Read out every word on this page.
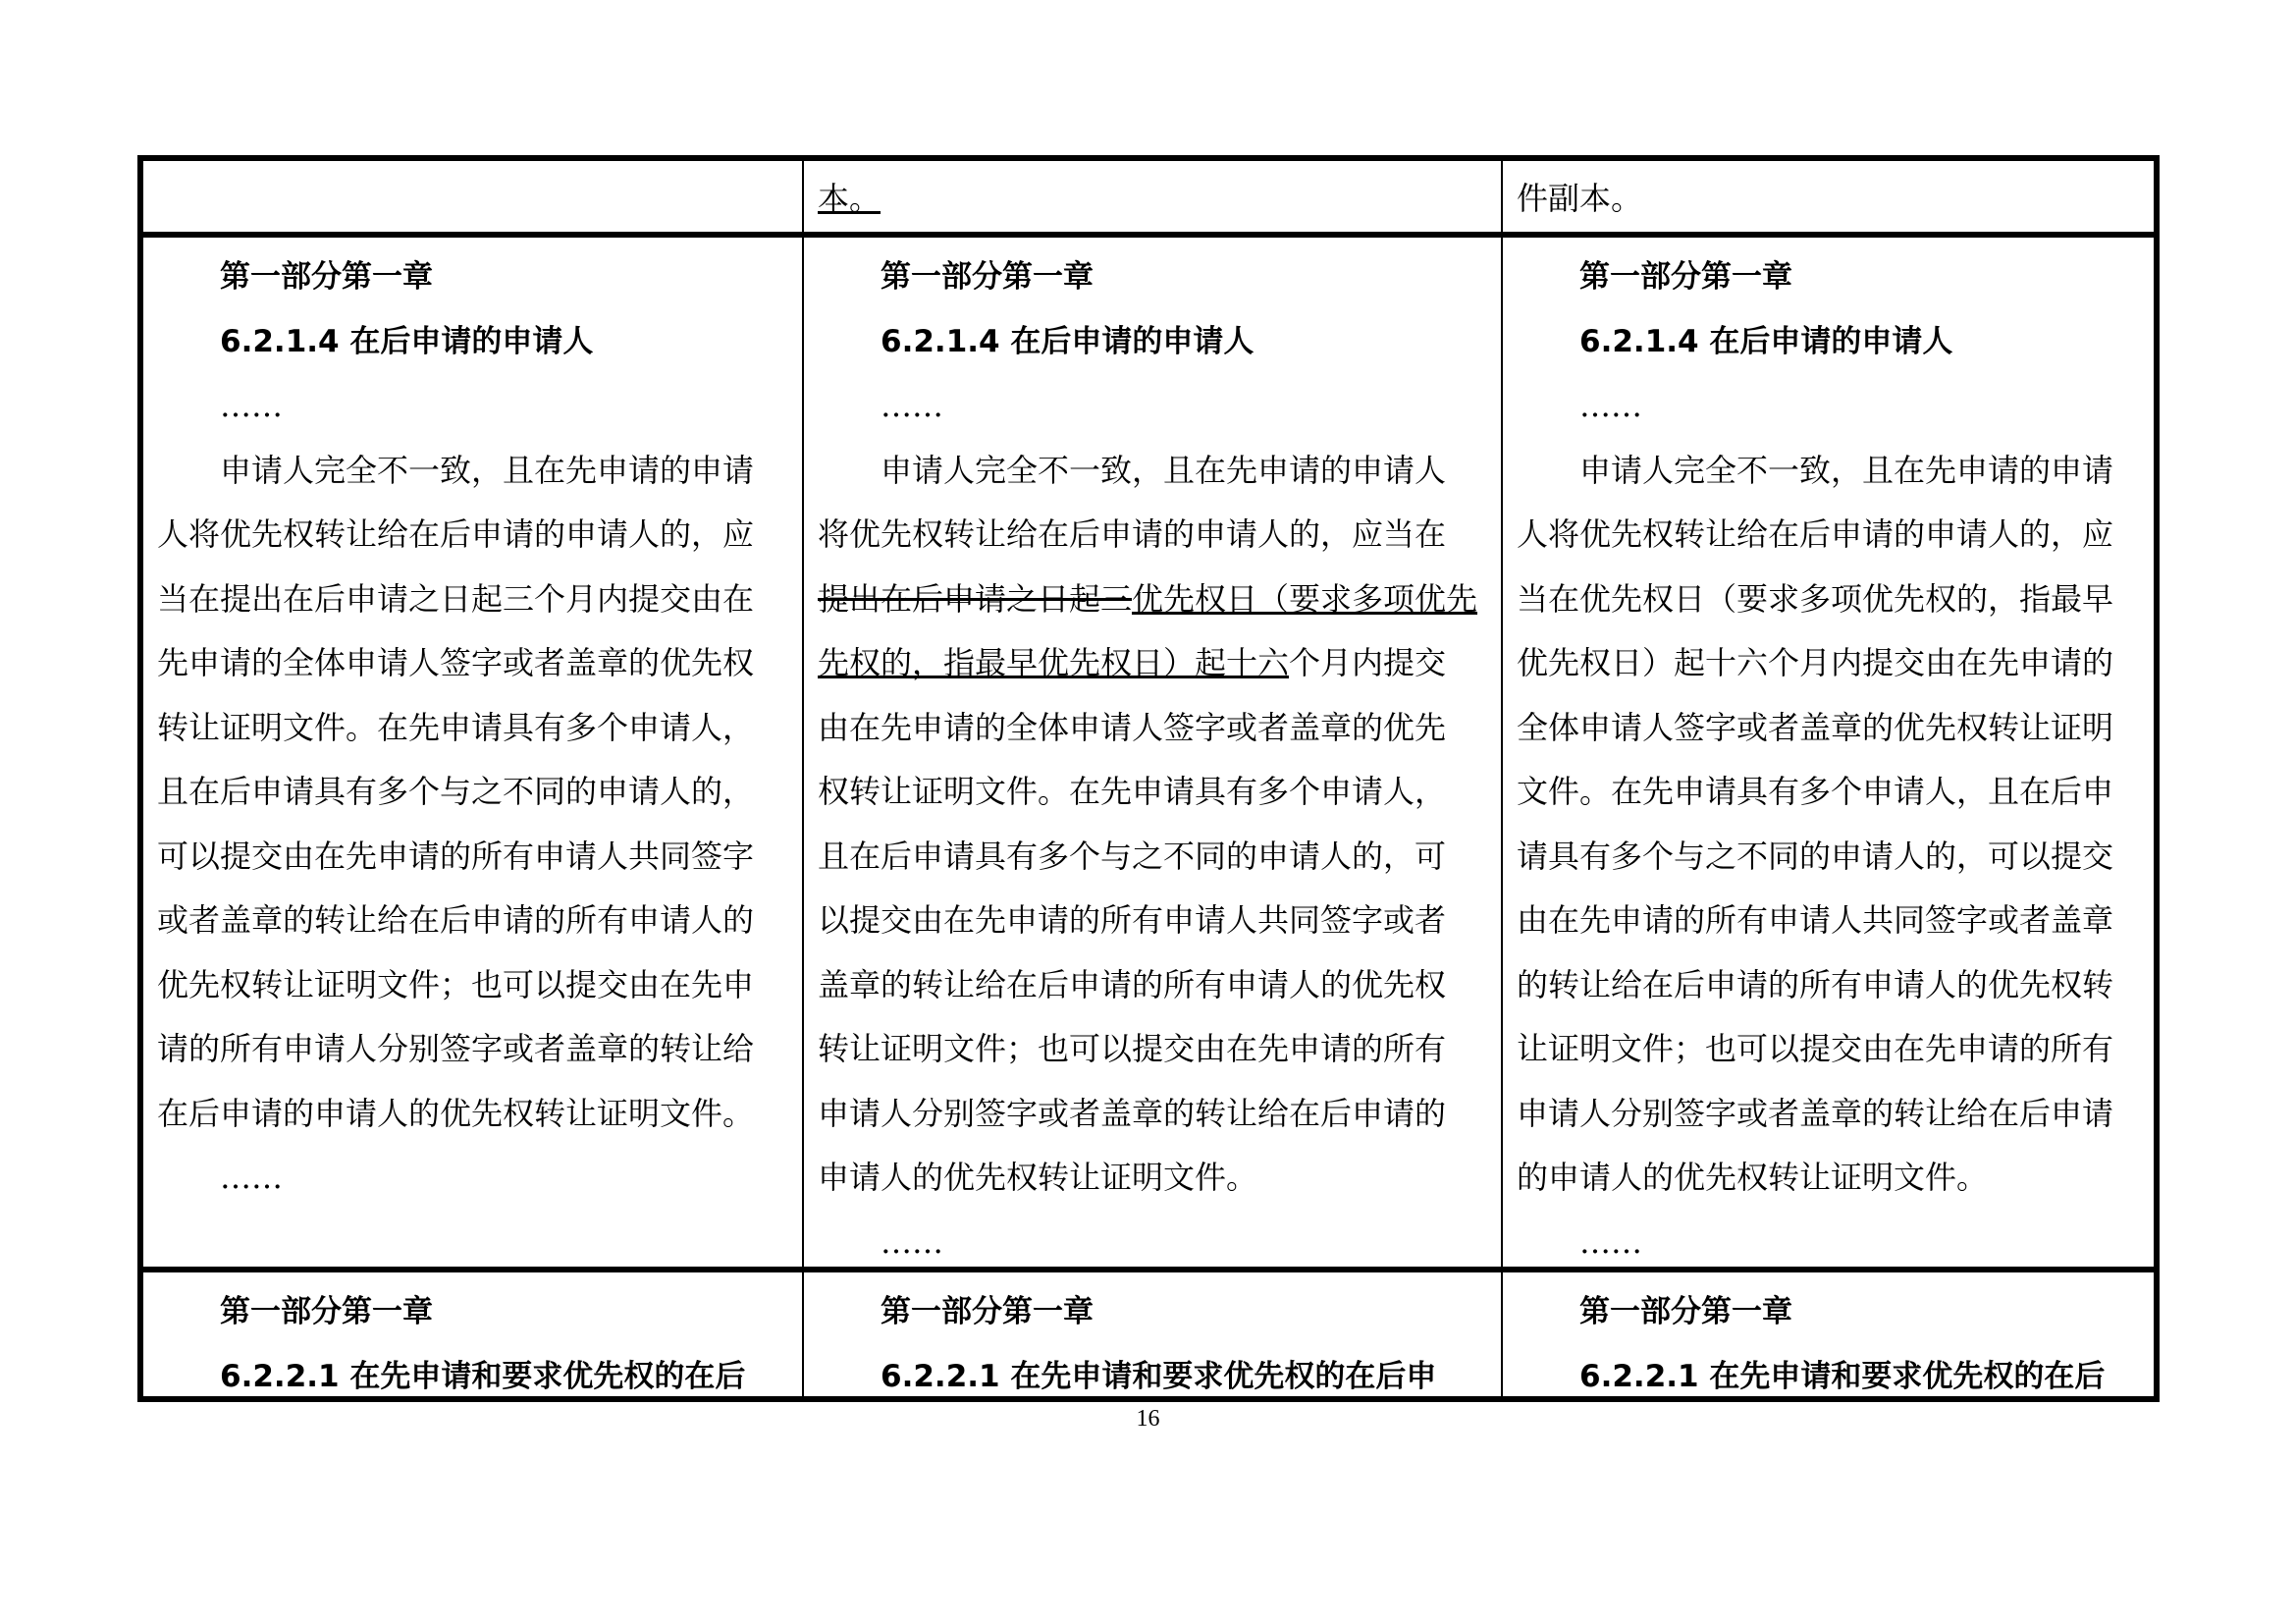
本。	件副本。

第一部分第一章

6.2.1.4 在后申请的申请人

……

申请人完全不一致，且在先申请的申请

人将优先权转让给在后申请的申请人的，应

当在提出在后申请之日起三个月内提交由在

先申请的全体申请人签字或者盖章的优先权

转让证明文件。在先申请具有多个申请人，

且在后申请具有多个与之不同的申请人的，

可以提交由在先申请的所有申请人共同签字

或者盖章的转让给在后申请的所有申请人的

优先权转让证明文件；也可以提交由在先申

请的所有申请人分别签字或者盖章的转让给

在后申请的申请人的优先权转让证明文件。

……

第一部分第一章

6.2.1.4 在后申请的申请人

……

申请人完全不一致，且在先申请的申请人

将优先权转让给在后申请的申请人的，应当在

提出在后申请之日起三优先权日（要求多项优先

先权的，指最早优先权日）起十六个月内提交

由在先申请的全体申请人签字或者盖章的优先

权转让证明文件。在先申请具有多个申请人，

且在后申请具有多个与之不同的申请人的，可

以提交由在先申请的所有申请人共同签字或者

盖章的转让给在后申请的所有申请人的优先权

转让证明文件；也可以提交由在先申请的所有

申请人分别签字或者盖章的转让给在后申请的

申请人的优先权转让证明文件。

……

第一部分第一章

6.2.1.4 在后申请的申请人

……

申请人完全不一致，且在先申请的申请

人将优先权转让给在后申请的申请人的，应

当在优先权日（要求多项优先权的，指最早

优先权日）起十六个月内提交由在先申请的

全体申请人签字或者盖章的优先权转让证明

文件。在先申请具有多个申请人，且在后申

请具有多个与之不同的申请人的，可以提交

由在先申请的所有申请人共同签字或者盖章

的转让给在后申请的所有申请人的优先权转

让证明文件；也可以提交由在先申请的所有

申请人分别签字或者盖章的转让给在后申请

的申请人的优先权转让证明文件。

……

第一部分第一章

6.2.2.1 在先申请和要求优先权的在后

第一部分第一章

6.2.2.1 在先申请和要求优先权的在后申

第一部分第一章

6.2.2.1 在先申请和要求优先权的在后

16
